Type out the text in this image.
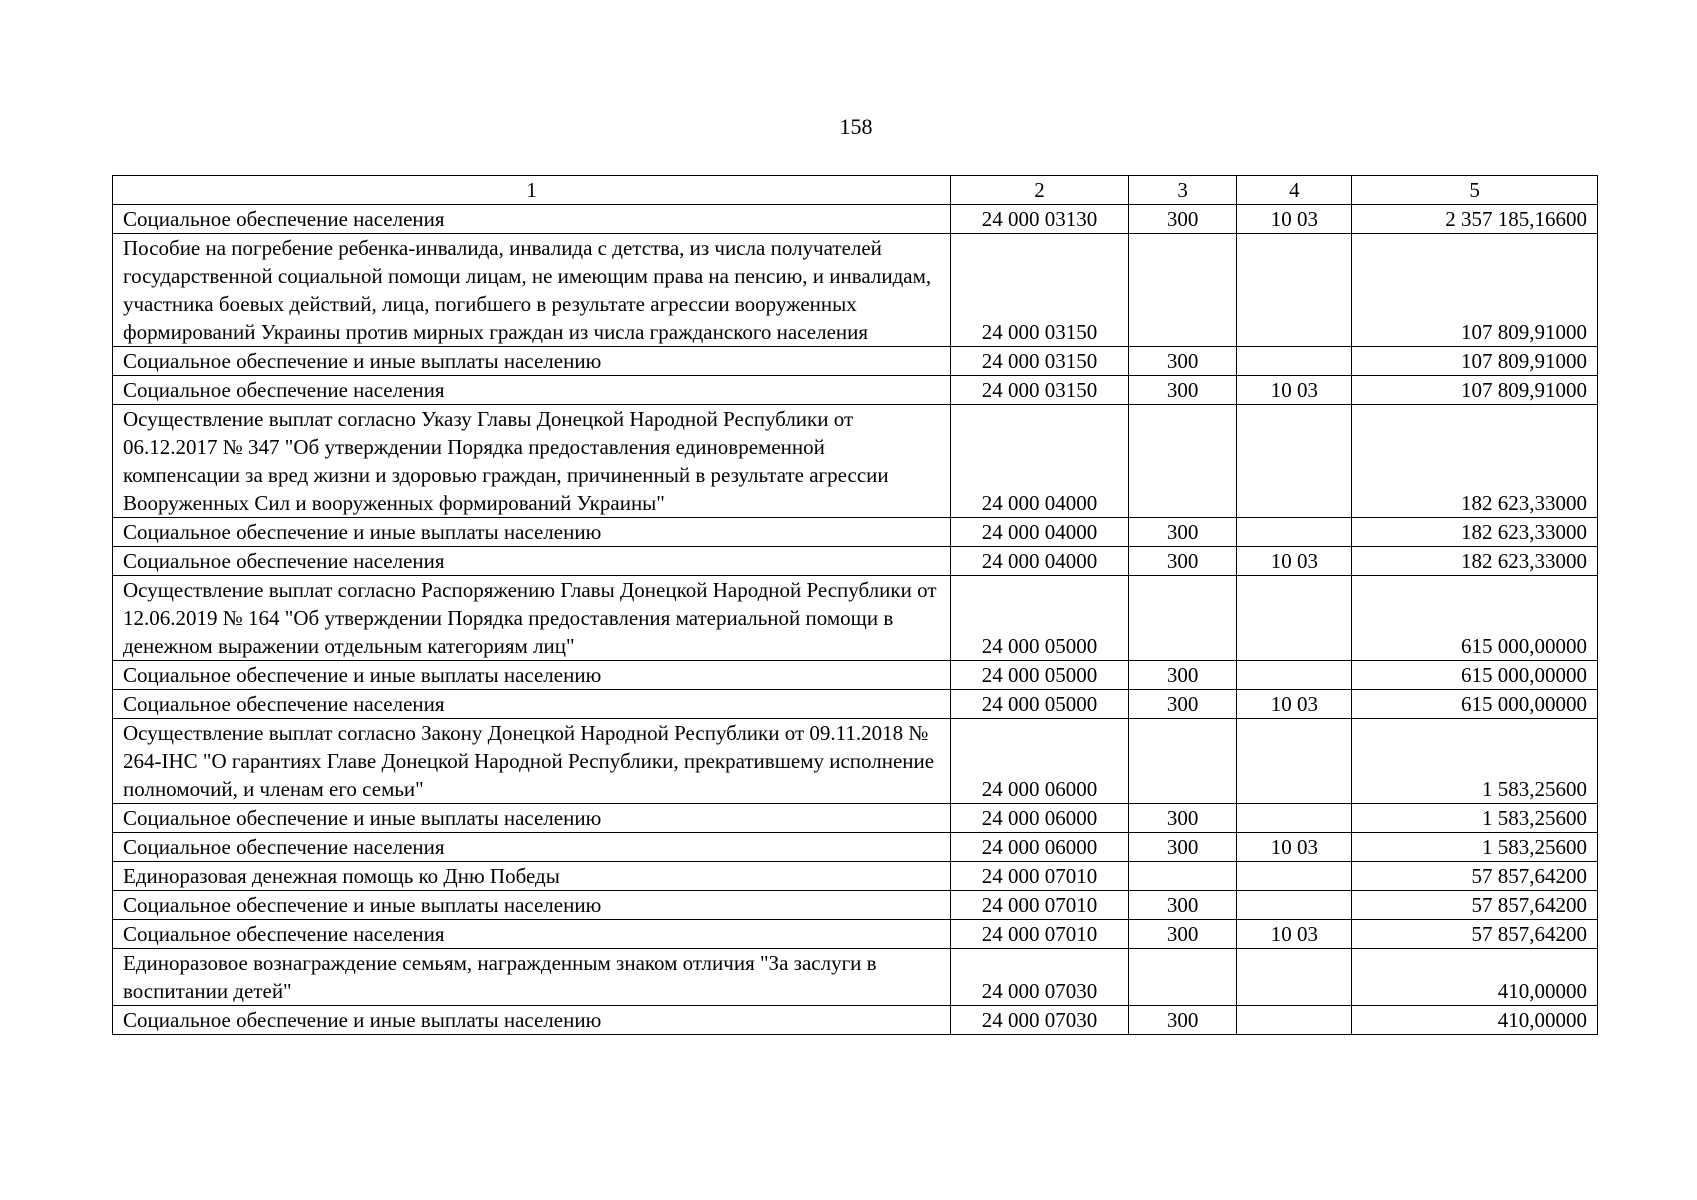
158
1	2	3	4	5
Социальное обеспечение населения	24 000 03130	300	10 03	2 357 185,16600
Пособие на погребение ребенка-инвалида, инвалида с детства, из числа получателей государственной социальной помощи лицам, не имеющим права на пенсию, и инвалидам, участника боевых действий, лица, погибшего в результате агрессии вооруженных формирований Украины против мирных граждан из числа гражданского населения	24 000 03150			107 809,91000
Социальное обеспечение и иные выплаты населению	24 000 03150	300		107 809,91000
Социальное обеспечение населения	24 000 03150	300	10 03	107 809,91000
Осуществление выплат согласно Указу Главы Донецкой Народной Республики от 06.12.2017 № 347 "Об утверждении Порядка предоставления единовременной компенсации за вред жизни и здоровью граждан, причиненный в результате агрессии Вооруженных Сил и вооруженных формирований Украины"	24 000 04000			182 623,33000
Социальное обеспечение и иные выплаты населению	24 000 04000	300		182 623,33000
Социальное обеспечение населения	24 000 04000	300	10 03	182 623,33000
Осуществление выплат согласно Распоряжению Главы Донецкой Народной Республики от 12.06.2019 № 164 "Об утверждении Порядка предоставления материальной помощи в денежном выражении отдельным категориям лиц"	24 000 05000			615 000,00000
Социальное обеспечение и иные выплаты населению	24 000 05000	300		615 000,00000
Социальное обеспечение населения	24 000 05000	300	10 03	615 000,00000
Осуществление выплат согласно Закону Донецкой Народной Республики от 09.11.2018 № 264-IНС "О гарантиях Главе Донецкой Народной Республики, прекратившему исполнение полномочий, и членам его семьи"	24 000 06000			1 583,25600
Социальное обеспечение и иные выплаты населению	24 000 06000	300		1 583,25600
Социальное обеспечение населения	24 000 06000	300	10 03	1 583,25600
Единоразовая денежная помощь ко Дню Победы	24 000 07010			57 857,64200
Социальное обеспечение и иные выплаты населению	24 000 07010	300		57 857,64200
Социальное обеспечение населения	24 000 07010	300	10 03	57 857,64200
Единоразовое вознаграждение семьям, награжденным знаком отличия "За заслуги в воспитании детей"	24 000 07030			410,00000
Социальное обеспечение и иные выплаты населению	24 000 07030	300		410,00000
